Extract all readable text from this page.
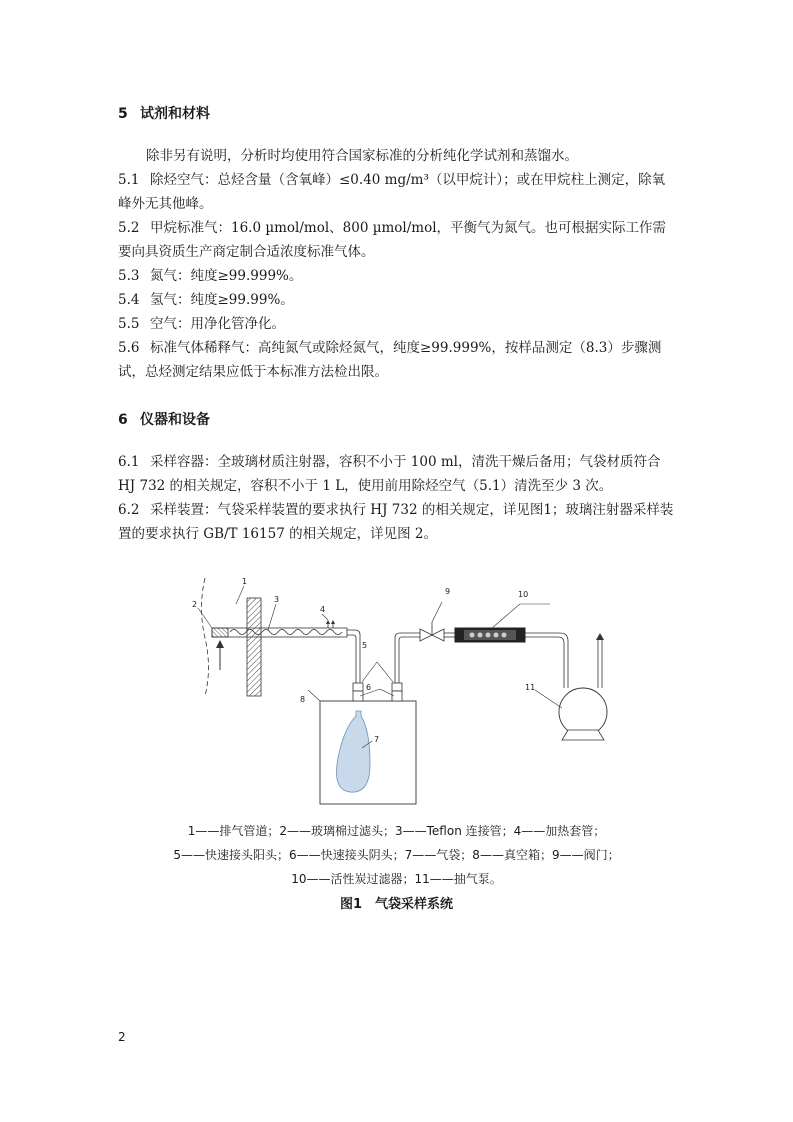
5 试剂和材料
除非另有说明，分析时均使用符合国家标准的分析纯化学试剂和蒸馏水。
5.1 除烃空气：总烃含量（含氧峰）≤0.40 mg/m³（以甲烷计）；或在甲烷柱上测定，除氧峰外无其他峰。
5.2 甲烷标准气：16.0 µmol/mol、800 µmol/mol，平衡气为氮气。也可根据实际工作需要向具资质生产商定制合适浓度标准气体。
5.3 氮气：纯度≥99.999%。
5.4 氢气：纯度≥99.99%。
5.5 空气：用净化管净化。
5.6 标准气体稀释气：高纯氮气或除烃氮气，纯度≥99.999%，按样品测定（8.3）步骤测试，总烃测定结果应低于本标准方法检出限。
6 仪器和设备
6.1 采样容器：全玻璃材质注射器，容积不小于 100 ml，清洗干燥后备用；气袋材质符合 HJ 732 的相关规定，容积不小于 1 L，使用前用除烃空气（5.1）清洗至少 3 次。
6.2 采样装置：气袋采样装置的要求执行 HJ 732 的相关规定，详见图1；玻璃注射器采样装置的要求执行 GB/T 16157 的相关规定，详见图 2。
1
2
3
4
5
6
7
8
9	10
11
1——排气管道；2——玻璃棉过滤头；3——Teflon 连接管；4——加热套管；
5——快速接头阳头；6——快速接头阴头；7——气袋；8——真空箱；9——阀门；
10——活性炭过滤器；11——抽气泵。
图1　气袋采样系统
2
